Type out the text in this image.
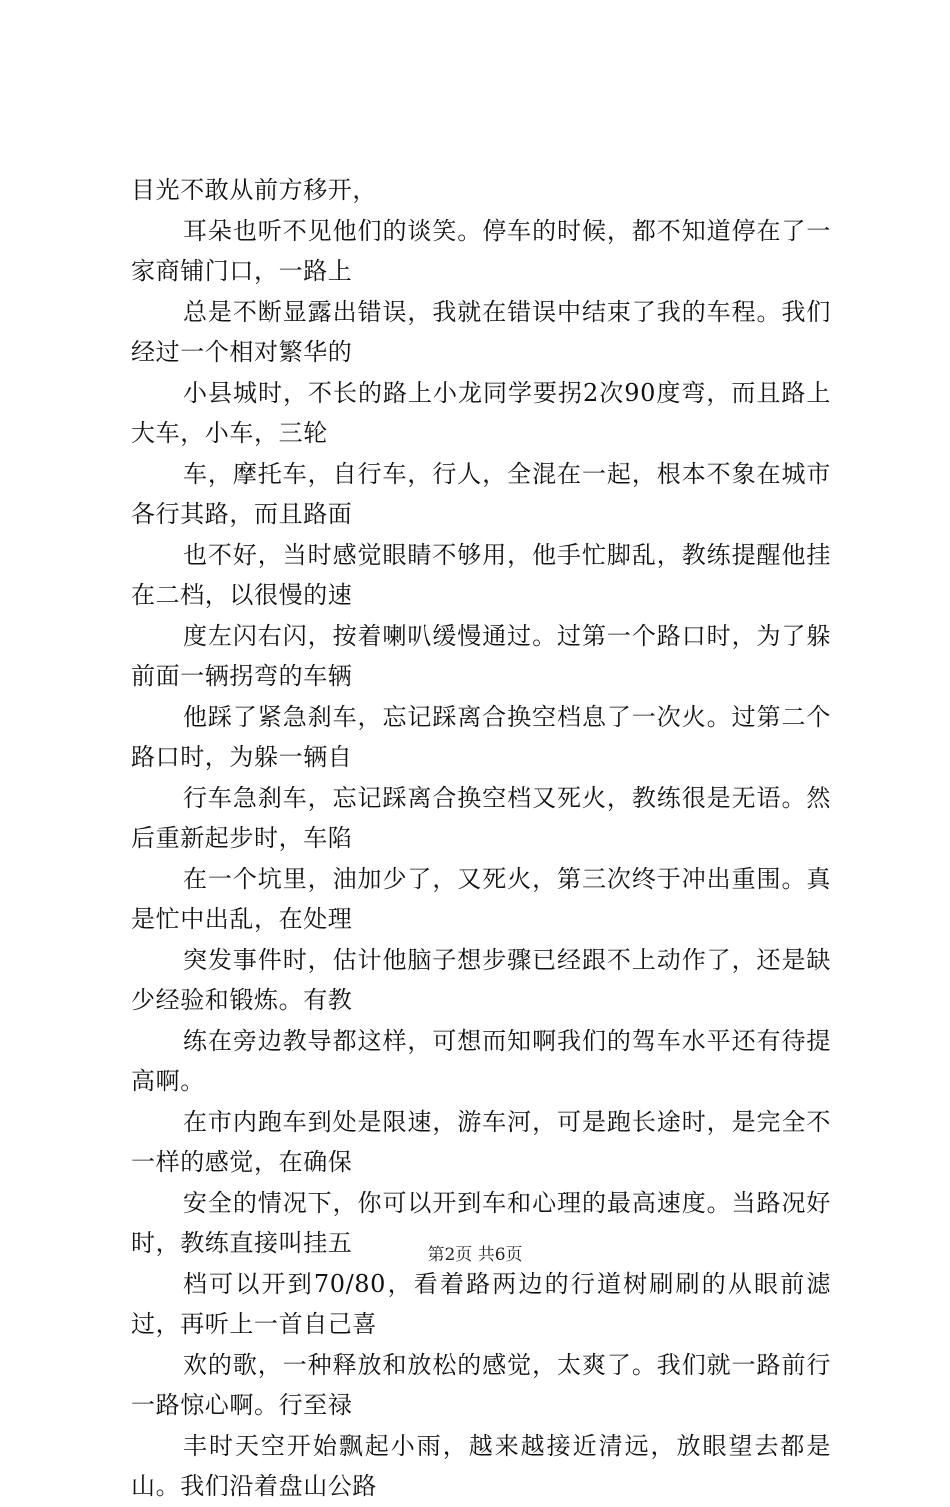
目光不敢从前方移开，

耳朵也听不见他们的谈笑。停车的时候，都不知道停在了一家商铺门口，一路上

总是不断显露出错误，我就在错误中结束了我的车程。我们经过一个相对繁华的

小县城时，不长的路上小龙同学要拐2次90度弯，而且路上大车，小车，三轮

车，摩托车，自行车，行人，全混在一起，根本不象在城市各行其路，而且路面

也不好，当时感觉眼睛不够用，他手忙脚乱，教练提醒他挂在二档，以很慢的速

度左闪右闪，按着喇叭缓慢通过。过第一个路口时，为了躲前面一辆拐弯的车辆

他踩了紧急刹车，忘记踩离合换空档息了一次火。过第二个路口时，为躲一辆自

行车急刹车，忘记踩离合换空档又死火，教练很是无语。然后重新起步时，车陷

在一个坑里，油加少了，又死火，第三次终于冲出重围。真是忙中出乱，在处理

突发事件时，估计他脑子想步骤已经跟不上动作了，还是缺少经验和锻炼。有教

练在旁边教导都这样，可想而知啊我们的驾车水平还有待提高啊。

在市内跑车到处是限速，游车河，可是跑长途时，是完全不一样的感觉，在确保

安全的情况下，你可以开到车和心理的最高速度。当路况好时，教练直接叫挂五

档可以开到70/80，看着路两边的行道树刷刷的从眼前滤过，再听上一首自己喜

欢的歌，一种释放和放松的感觉，太爽了。我们就一路前行一路惊心啊。行至禄

丰时天空开始飘起小雨，越来越接近清远，放眼望去都是山。我们沿着盘山公路

第2页 共6页
